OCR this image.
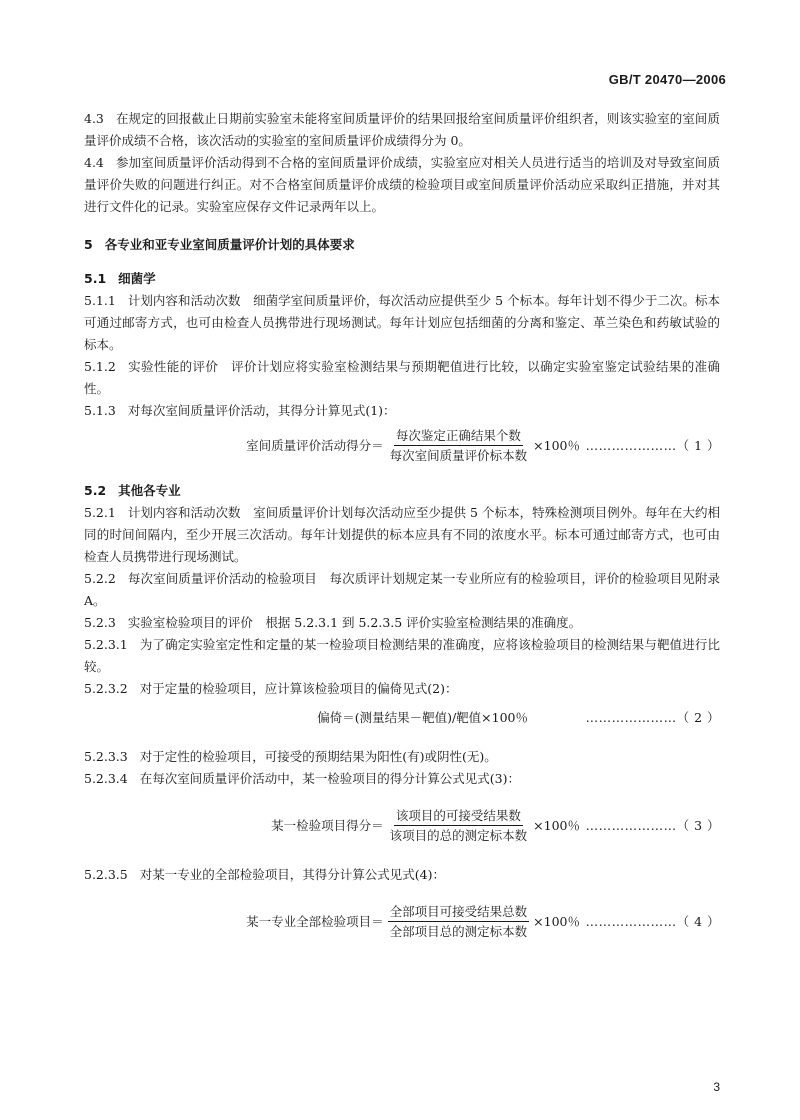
GB/T 20470—2006

4.3 在规定的回报截止日期前实验室未能将室间质量评价的结果回报给室间质量评价组织者，则该实验室的室间质量评价成绩不合格，该次活动的实验室的室间质量评价成绩得分为 0。

4.4 参加室间质量评价活动得到不合格的室间质量评价成绩，实验室应对相关人员进行适当的培训及对导致室间质量评价失败的问题进行纠正。对不合格室间质量评价成绩的检验项目或室间质量评价活动应采取纠正措施，并对其进行文件化的记录。实验室应保存文件记录两年以上。

5 各专业和亚专业室间质量评价计划的具体要求

5.1 细菌学

5.1.1 计划内容和活动次数　细菌学室间质量评价，每次活动应提供至少 5 个标本。每年计划不得少于二次。标本可通过邮寄方式，也可由检查人员携带进行现场测试。每年计划应包括细菌的分离和鉴定、革兰染色和药敏试验的标本。

5.1.2 实验性能的评价　评价计划应将实验室检测结果与预期靶值进行比较，以确定实验室鉴定试验结果的准确性。

5.1.3 对每次室间质量评价活动，其得分计算见式(1)：

室间质量评价活动得分＝ $\frac{\text{每次鉴定正确结果个数}}{\text{每次室间质量评价标本数}} \times 100$％ …………………（ 1 ）

5.2 其他各专业

5.2.1 计划内容和活动次数　室间质量评价计划每次活动应至少提供 5 个标本，特殊检测项目例外。每年在大约相同的时间间隔内，至少开展三次活动。每年计划提供的标本应具有不同的浓度水平。标本可通过邮寄方式，也可由检查人员携带进行现场测试。

5.2.2 每次室间质量评价活动的检验项目　每次质评计划规定某一专业所应有的检验项目，评价的检验项目见附录 A。

5.2.3 实验室检验项目的评价　根据 5.2.3.1 到 5.2.3.5 评价实验室检测结果的准确度。

5.2.3.1 为了确定实验室定性和定量的某一检验项目检测结果的准确度，应将该检验项目的检测结果与靶值进行比较。

5.2.3.2 对于定量的检验项目，应计算该检验项目的偏倚见式(2)：

偏倚＝(测量结果－靶值)/靶值×100％	…………………（ 2 ）

5.2.3.3 对于定性的检验项目，可接受的预期结果为阳性(有)或阴性(无)。

5.2.3.4 在每次室间质量评价活动中，某一检验项目的得分计算公式见式(3)：

某一检验项目得分＝ $\frac{\text{该项目的可接受结果数}}{\text{该项目的总的测定标本数}} \times 100$％ …………………（ 3 ）

5.2.3.5 对某一专业的全部检验项目，其得分计算公式见式(4)：

某一专业全部检验项目＝ $\frac{\text{全部项目可接受结果总数}}{\text{全部项目总的测定标本数}} \times 100$％ …………………（ 4 ）
3
